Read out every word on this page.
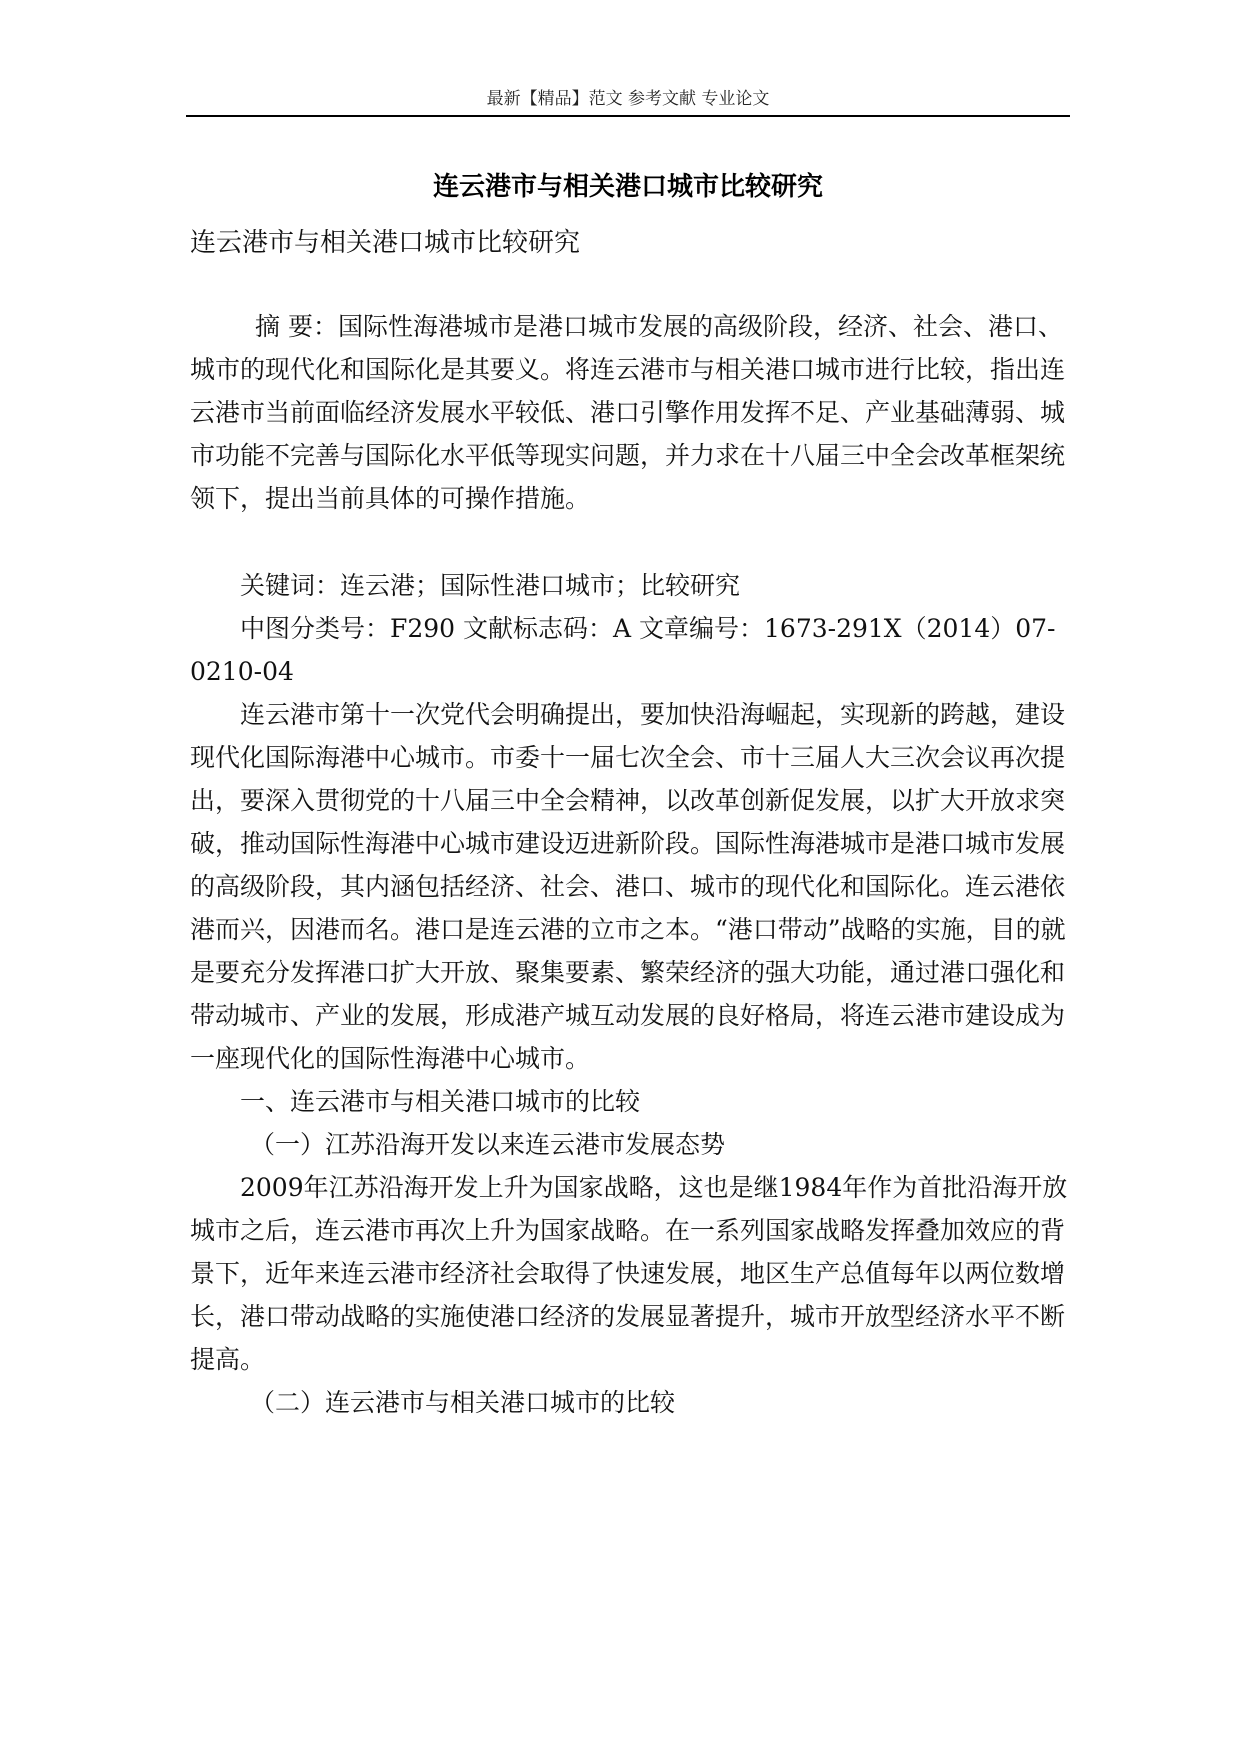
最新【精品】范文 参考文献 专业论文
连云港市与相关港口城市比较研究

连云港市与相关港口城市比较研究

摘 要：国际性海港城市是港口城市发展的高级阶段，经济、社会、港口、城市的现代化和国际化是其要义。将连云港市与相关港口城市进行比较，指出连云港市当前面临经济发展水平较低、港口引擎作用发挥不足、产业基础薄弱、城市功能不完善与国际化水平低等现实问题，并力求在十八届三中全会改革框架统领下，提出当前具体的可操作措施。

关键词：连云港；国际性港口城市；比较研究

中图分类号：F290 文献标志码：A 文章编号：1673-291X（2014）07-0210-04

连云港市第十一次党代会明确提出，要加快沿海崛起，实现新的跨越，建设现代化国际海港中心城市。市委十一届七次全会、市十三届人大三次会议再次提出，要深入贯彻党的十八届三中全会精神，以改革创新促发展，以扩大开放求突破，推动国际性海港中心城市建设迈进新阶段。国际性海港城市是港口城市发展的高级阶段，其内涵包括经济、社会、港口、城市的现代化和国际化。连云港依港而兴，因港而名。港口是连云港的立市之本。“港口带动”战略的实施，目的就是要充分发挥港口扩大开放、聚集要素、繁荣经济的强大功能，通过港口强化和带动城市、产业的发展，形成港产城互动发展的良好格局，将连云港市建设成为一座现代化的国际性海港中心城市。

一、连云港市与相关港口城市的比较

（一）江苏沿海开发以来连云港市发展态势

2009年江苏沿海开发上升为国家战略，这也是继1984年作为首批沿海开放城市之后，连云港市再次上升为国家战略。在一系列国家战略发挥叠加效应的背景下，近年来连云港市经济社会取得了快速发展，地区生产总值每年以两位数增长，港口带动战略的实施使港口经济的发展显著提升，城市开放型经济水平不断提高。

（二）连云港市与相关港口城市的比较
